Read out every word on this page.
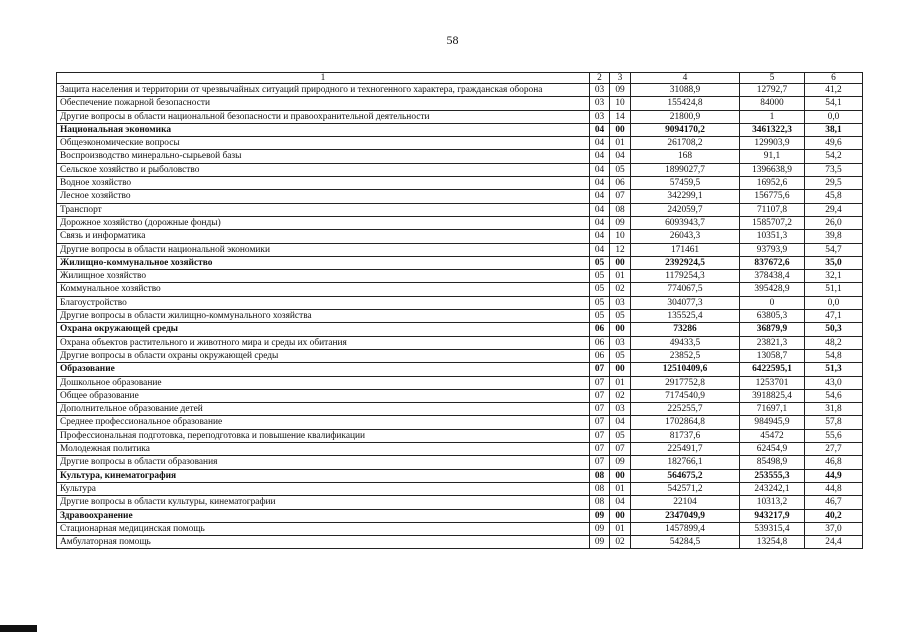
58
1	2	3	4	5	6
Защита населения и территории от чрезвычайных ситуаций природного и техногенного характера, гражданская оборона	03	09	31088,9	12792,7	41,2
Обеспечение пожарной безопасности	03	10	155424,8	84000	54,1
Другие вопросы в области национальной безопасности и правоохранительной деятельности	03	14	21800,9	1	0,0
Национальная экономика	04	00	9094170,2	3461322,3	38,1
Общеэкономические вопросы	04	01	261708,2	129903,9	49,6
Воспроизводство минерально-сырьевой базы	04	04	168	91,1	54,2
Сельское хозяйство и рыболовство	04	05	1899027,7	1396638,9	73,5
Водное хозяйство	04	06	57459,5	16952,6	29,5
Лесное хозяйство	04	07	342299,1	156775,6	45,8
Транспорт	04	08	242059,7	71107,8	29,4
Дорожное хозяйство (дорожные фонды)	04	09	6093943,7	1585707,2	26,0
Связь и информатика	04	10	26043,3	10351,3	39,8
Другие вопросы в области национальной экономики	04	12	171461	93793,9	54,7
Жилищно-коммунальное хозяйство	05	00	2392924,5	837672,6	35,0
Жилищное хозяйство	05	01	1179254,3	378438,4	32,1
Коммунальное хозяйство	05	02	774067,5	395428,9	51,1
Благоустройство	05	03	304077,3	0	0,0
Другие вопросы в области жилищно-коммунального хозяйства	05	05	135525,4	63805,3	47,1
Охрана окружающей среды	06	00	73286	36879,9	50,3
Охрана объектов растительного и животного мира и среды их обитания	06	03	49433,5	23821,3	48,2
Другие вопросы в области охраны окружающей среды	06	05	23852,5	13058,7	54,8
Образование	07	00	12510409,6	6422595,1	51,3
Дошкольное образование	07	01	2917752,8	1253701	43,0
Общее образование	07	02	7174540,9	3918825,4	54,6
Дополнительное образование детей	07	03	225255,7	71697,1	31,8
Среднее профессиональное образование	07	04	1702864,8	984945,9	57,8
Профессиональная подготовка, переподготовка и повышение квалификации	07	05	81737,6	45472	55,6
Молодежная политика	07	07	225491,7	62454,9	27,7
Другие вопросы в области образования	07	09	182766,1	85498,9	46,8
Культура, кинематография	08	00	564675,2	253555,3	44,9
Культура	08	01	542571,2	243242,1	44,8
Другие вопросы в области культуры, кинематографии	08	04	22104	10313,2	46,7
Здравоохранение	09	00	2347049,9	943217,9	40,2
Стационарная медицинская помощь	09	01	1457899,4	539315,4	37,0
Амбулаторная помощь	09	02	54284,5	13254,8	24,4
